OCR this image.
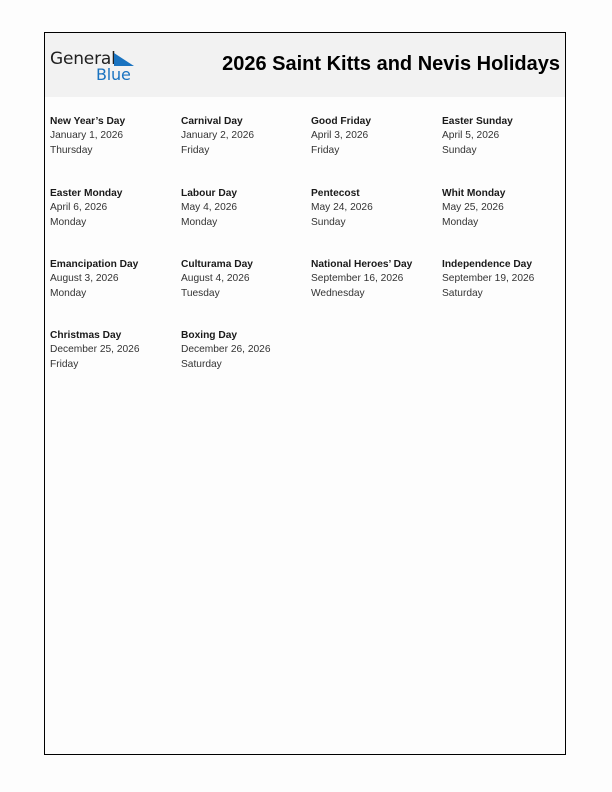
General
Blue	2026 Saint Kitts and Nevis Holidays
New Year’s Day
January 1, 2026
Thursday
Carnival Day
January 2, 2026
Friday
Good Friday
April 3, 2026
Friday
Easter Sunday
April 5, 2026
Sunday
Easter Monday
April 6, 2026
Monday
Labour Day
May 4, 2026
Monday
Pentecost
May 24, 2026
Sunday
Whit Monday
May 25, 2026
Monday
Emancipation Day
August 3, 2026
Monday
Culturama Day
August 4, 2026
Tuesday
National Heroes’ Day
September 16, 2026
Wednesday
Independence Day
September 19, 2026
Saturday
Christmas Day
December 25, 2026
Friday
Boxing Day
December 26, 2026
Saturday
